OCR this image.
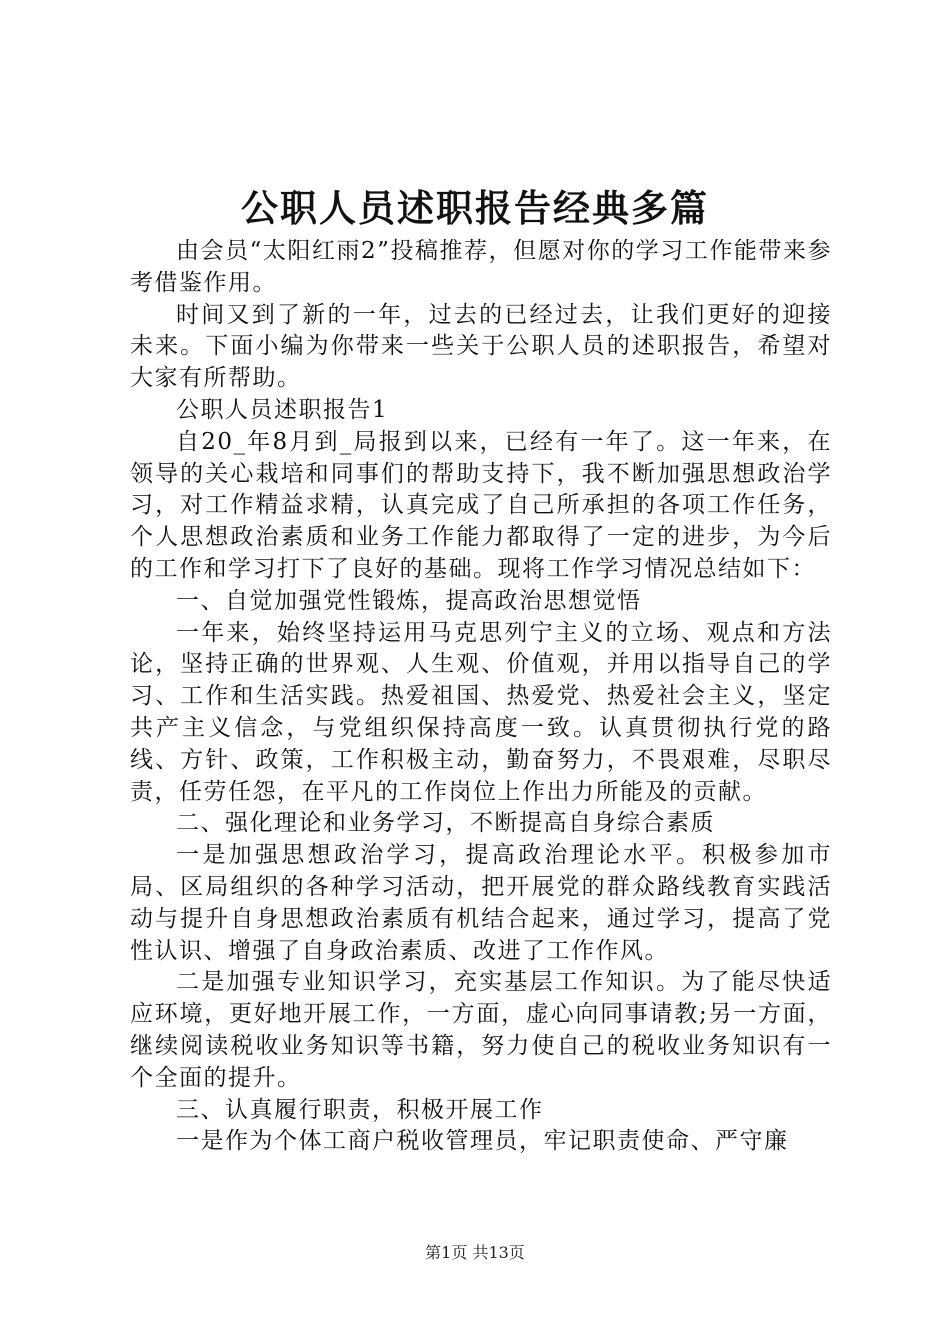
公职人员述职报告经典多篇

由会员“太阳红雨2”投稿推荐，但愿对你的学习工作能带来参考借鉴作用。

时间又到了新的一年，过去的已经过去，让我们更好的迎接未来。下面小编为你带来一些关于公职人员的述职报告，希望对大家有所帮助。

公职人员述职报告1

自20_年8月到_局报到以来，已经有一年了。这一年来，在领导的关心栽培和同事们的帮助支持下，我不断加强思想政治学习，对工作精益求精，认真完成了自己所承担的各项工作任务，个人思想政治素质和业务工作能力都取得了一定的进步，为今后的工作和学习打下了良好的基础。现将工作学习情况总结如下：

一、自觉加强党性锻炼，提高政治思想觉悟

一年来，始终坚持运用马克思列宁主义的立场、观点和方法论，坚持正确的世界观、人生观、价值观，并用以指导自己的学习、工作和生活实践。热爱祖国、热爱党、热爱社会主义，坚定共产主义信念，与党组织保持高度一致。认真贯彻执行党的路线、方针、政策，工作积极主动，勤奋努力，不畏艰难，尽职尽责，任劳任怨，在平凡的工作岗位上作出力所能及的贡献。

二、强化理论和业务学习，不断提高自身综合素质

一是加强思想政治学习，提高政治理论水平。积极参加市局、区局组织的各种学习活动，把开展党的群众路线教育实践活动与提升自身思想政治素质有机结合起来，通过学习，提高了党性认识、增强了自身政治素质、改进了工作作风。

二是加强专业知识学习，充实基层工作知识。为了能尽快适应环境，更好地开展工作，一方面，虚心向同事请教;另一方面，继续阅读税收业务知识等书籍，努力使自己的税收业务知识有一个全面的提升。

三、认真履行职责，积极开展工作

一是作为个体工商户税收管理员，牢记职责使命、严守廉

第1页 共13页
